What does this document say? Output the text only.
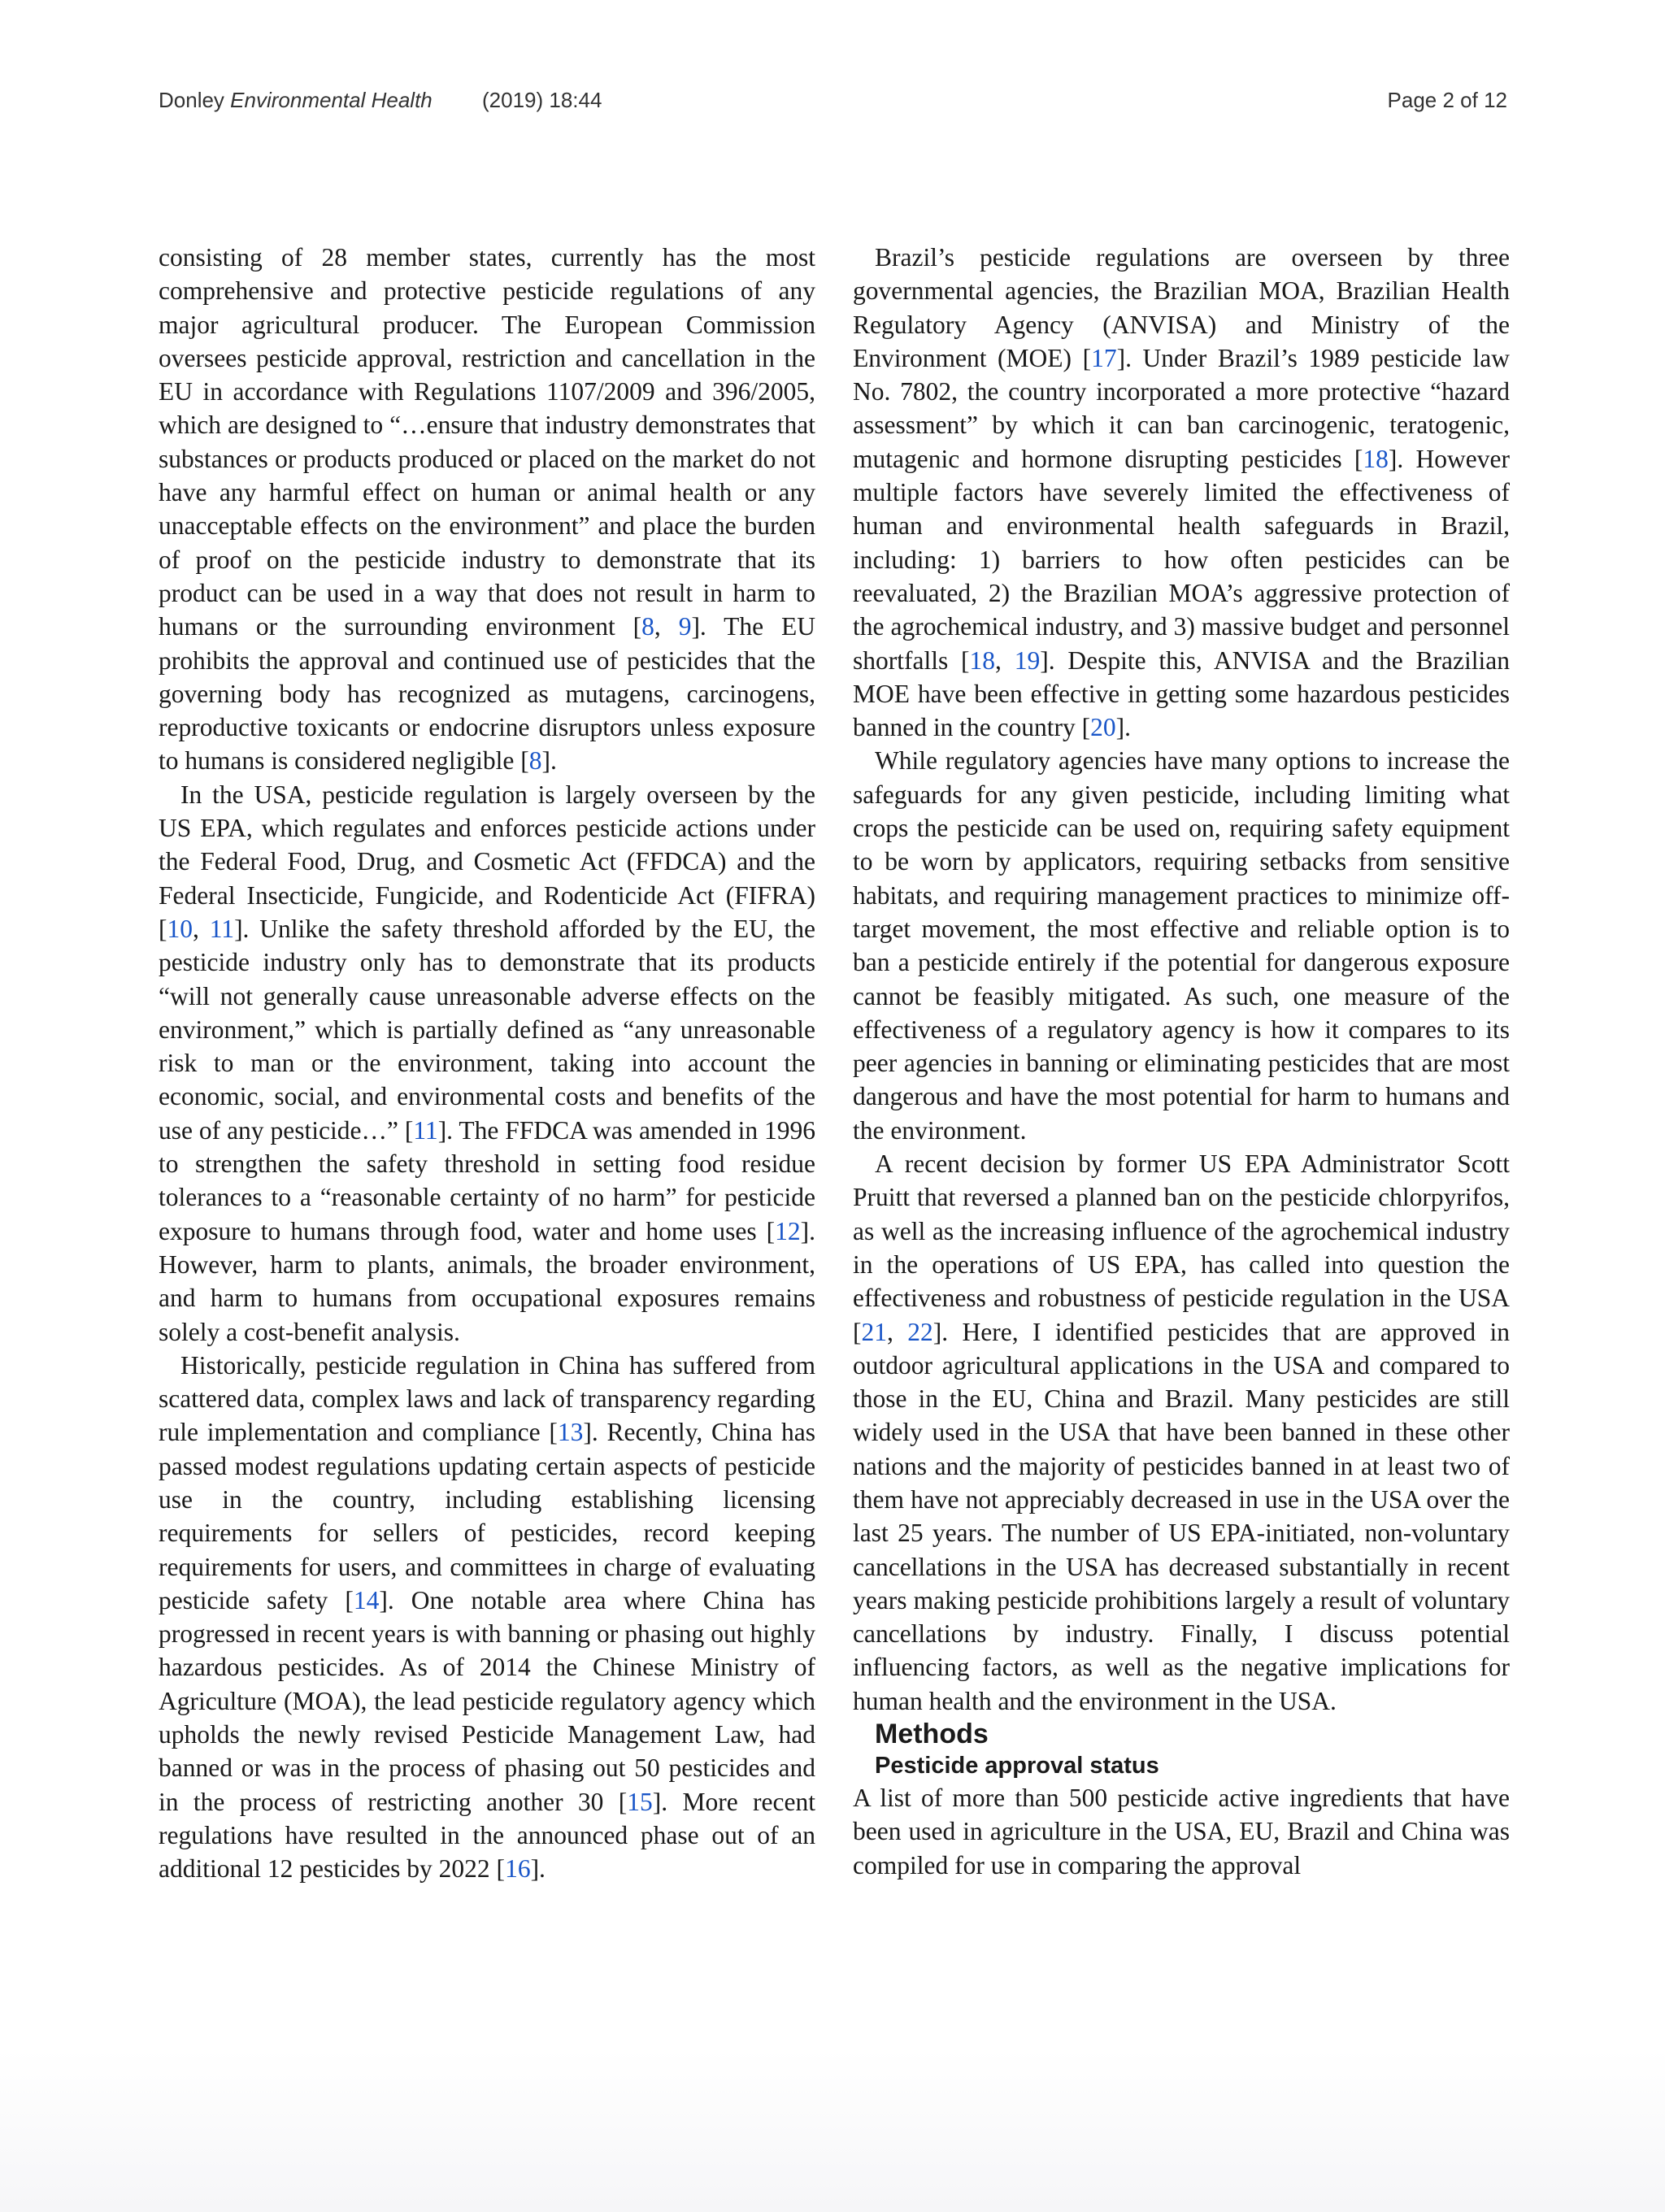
Donley Environmental Health (2019) 18:44	Page 2 of 12

consisting of 28 member states, currently has the most comprehensive and protective pesticide regulations of any major agricultural producer. The European Commission oversees pesticide approval, restriction and cancellation in the EU in accordance with Regulations 1107/2009 and 396/2005, which are designed to “…ensure that industry demonstrates that substances or products produced or placed on the market do not have any harmful effect on human or animal health or any unacceptable effects on the environment” and place the burden of proof on the pesticide industry to demonstrate that its product can be used in a way that does not result in harm to humans or the surrounding environment [8, 9]. The EU prohibits the approval and continued use of pesticides that the governing body has recognized as mutagens, carcinogens, reproductive toxicants or endocrine disruptors unless exposure to humans is considered negligible [8].

In the USA, pesticide regulation is largely overseen by the US EPA, which regulates and enforces pesticide actions under the Federal Food, Drug, and Cosmetic Act (FFDCA) and the Federal Insecticide, Fungicide, and Rodenticide Act (FIFRA) [10, 11]. Unlike the safety threshold afforded by the EU, the pesticide industry only has to demonstrate that its products “will not generally cause unreasonable adverse effects on the environment,” which is partially defined as “any unreasonable risk to man or the environment, taking into account the economic, social, and environmental costs and benefits of the use of any pesticide…” [11]. The FFDCA was amended in 1996 to strengthen the safety threshold in setting food residue tolerances to a “reasonable certainty of no harm” for pesticide exposure to humans through food, water and home uses [12]. However, harm to plants, animals, the broader environment, and harm to humans from occupational exposures remains solely a cost-benefit analysis.

Historically, pesticide regulation in China has suffered from scattered data, complex laws and lack of transparency regarding rule implementation and compliance [13]. Recently, China has passed modest regulations updating certain aspects of pesticide use in the country, including establishing licensing requirements for sellers of pesticides, record keeping requirements for users, and committees in charge of evaluating pesticide safety [14]. One notable area where China has progressed in recent years is with banning or phasing out highly hazardous pesticides. As of 2014 the Chinese Ministry of Agriculture (MOA), the lead pesticide regulatory agency which upholds the newly revised Pesticide Management Law, had banned or was in the process of phasing out 50 pesticides and in the process of restricting another 30 [15]. More recent regulations have resulted in the announced phase out of an additional 12 pesticides by 2022 [16].

Brazil’s pesticide regulations are overseen by three governmental agencies, the Brazilian MOA, Brazilian Health Regulatory Agency (ANVISA) and Ministry of the Environment (MOE) [17]. Under Brazil’s 1989 pesticide law No. 7802, the country incorporated a more protective “hazard assessment” by which it can ban carcinogenic, teratogenic, mutagenic and hormone disrupting pesticides [18]. However multiple factors have severely limited the effectiveness of human and environmental health safeguards in Brazil, including: 1) barriers to how often pesticides can be reevaluated, 2) the Brazilian MOA’s aggressive protection of the agrochemical industry, and 3) massive budget and personnel shortfalls [18, 19]. Despite this, ANVISA and the Brazilian MOE have been effective in getting some hazardous pesticides banned in the country [20].

While regulatory agencies have many options to increase the safeguards for any given pesticide, including limiting what crops the pesticide can be used on, requiring safety equipment to be worn by applicators, requiring setbacks from sensitive habitats, and requiring management practices to minimize off-target movement, the most effective and reliable option is to ban a pesticide entirely if the potential for dangerous exposure cannot be feasibly mitigated. As such, one measure of the effectiveness of a regulatory agency is how it compares to its peer agencies in banning or eliminating pesticides that are most dangerous and have the most potential for harm to humans and the environment.

A recent decision by former US EPA Administrator Scott Pruitt that reversed a planned ban on the pesticide chlorpyrifos, as well as the increasing influence of the agrochemical industry in the operations of US EPA, has called into question the effectiveness and robustness of pesticide regulation in the USA [21, 22]. Here, I identified pesticides that are approved in outdoor agricultural applications in the USA and compared to those in the EU, China and Brazil. Many pesticides are still widely used in the USA that have been banned in these other nations and the majority of pesticides banned in at least two of them have not appreciably decreased in use in the USA over the last 25 years. The number of US EPA-initiated, non-voluntary cancellations in the USA has decreased substantially in recent years making pesticide prohibitions largely a result of voluntary cancellations by industry. Finally, I discuss potential influencing factors, as well as the negative implications for human health and the environment in the USA.

Methods

Pesticide approval status

A list of more than 500 pesticide active ingredients that have been used in agriculture in the USA, EU, Brazil and China was compiled for use in comparing the approval
